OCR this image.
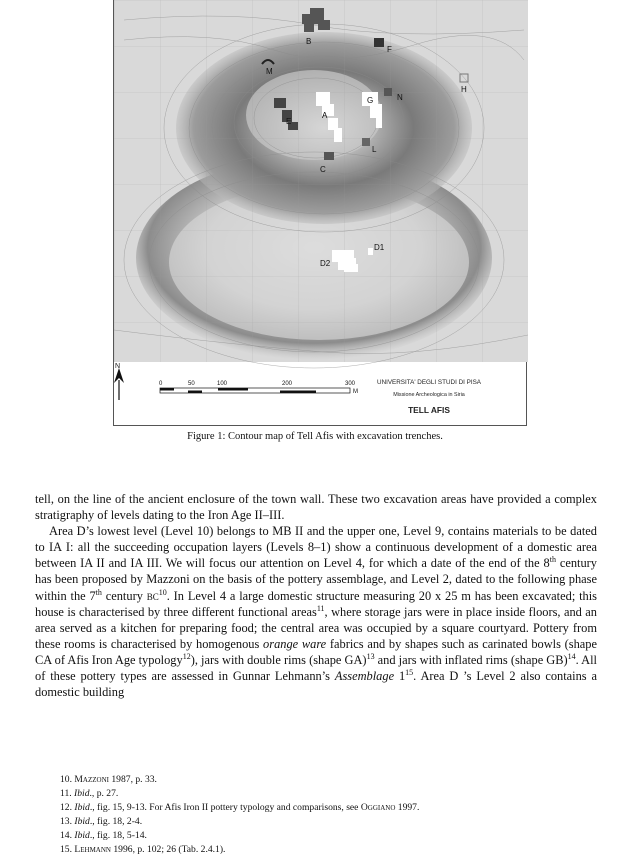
B
F
M
G	N
H
A
E
L
C
D1
D2
N
0	50	100	200	300
M
UNIVERSITA' DEGLI STUDI DI PISA
Missione Archeologica in Siria
TELL AFIS
Figure 1: Contour map of Tell Afis with excavation trenches.

tell, on the line of the ancient enclosure of the town wall. These two excavation areas have provided a complex stratigraphy of levels dating to the Iron Age II–III.

Area D’s lowest level (Level 10) belongs to MB II and the upper one, Level 9, contains materials to be dated to IA I: all the succeeding occupation layers (Levels 8–1) show a continuous development of a domestic area between IA II and IA III. We will focus our attention on Level 4, for which a date of the end of the 8th century has been proposed by Mazzoni on the basis of the pottery assemblage, and Level 2, dated to the following phase within the 7th century $bc^{10}$. In Level 4 a large domestic structure measuring 20 x 25 m has been excavated; this house is characterised by three different functional areas$^{11}$, where storage jars were in place inside floors, and an area served as a kitchen for preparing food; the central area was occupied by a square courtyard. Pottery from these rooms is characterised by homogenous orange ware fabrics and by shapes such as carinated bowls (shape CA of Afis Iron Age typology$^{12}$), jars with double rims (shape GA)$^{13}$ and jars with inflated rims (shape GB)$^{14}$. All of these pottery types are assessed in Gunnar Lehmann’s Assemblage $1^{15}$. Area D ’s Level 2 also contains a domestic building

10. Mazzoni 1987, p. 33.
11. Ibid., p. 27.
12. Ibid., fig. 15, 9-13. For Afis Iron II pottery typology and comparisons, see Oggiano 1997.
13. Ibid., fig. 18, 2-4.
14. Ibid., fig. 18, 5-14.
15. Lehmann 1996, p. 102; 26 (Tab. 2.4.1).
